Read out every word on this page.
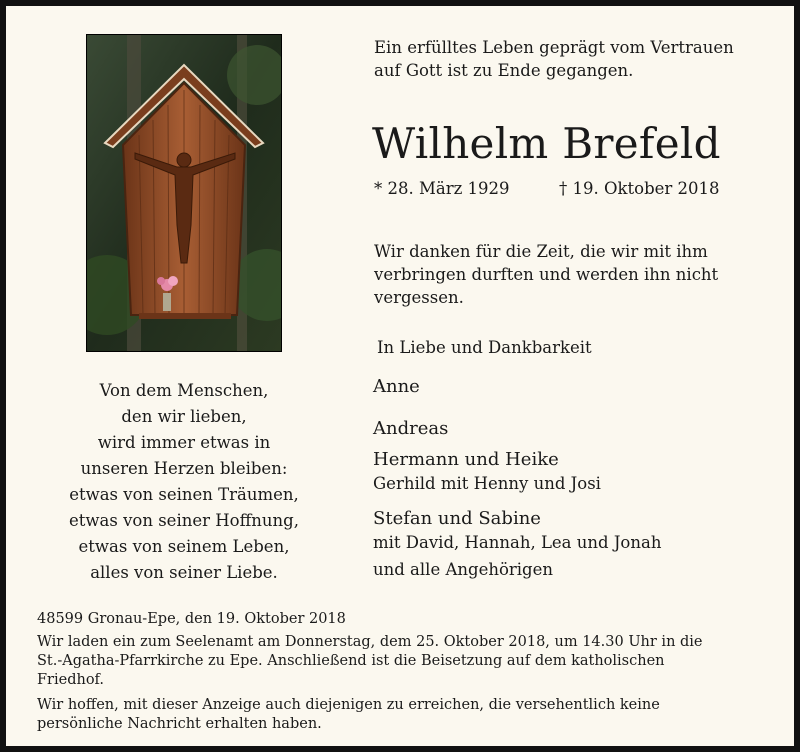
Ein erfülltes Leben geprägt vom Vertrauen
auf Gott ist zu Ende gegangen.
Wilhelm Brefeld
* 28. März 1929	† 19. Oktober 2018
Wir danken für die Zeit, die wir mit ihm
verbringen durften und werden ihn nicht
vergessen.
In Liebe und Dankbarkeit
Von dem Menschen,
den wir lieben,
wird immer etwas in
unseren Herzen bleiben:
etwas von seinen Träumen,
etwas von seiner Hoffnung,
etwas von seinem Leben,
alles von seiner Liebe.
Anne
Andreas
Hermann und Heike
Gerhild mit Henny und Josi
Stefan und Sabine
mit David, Hannah, Lea und Jonah
und alle Angehörigen
48599 Gronau-Epe, den 19. Oktober 2018
Wir laden ein zum Seelenamt am Donnerstag, dem 25. Oktober 2018, um 14.30 Uhr in die
St.-Agatha-Pfarrkirche zu Epe. Anschließend ist die Beisetzung auf dem katholischen
Friedhof.
Wir hoffen, mit dieser Anzeige auch diejenigen zu erreichen, die versehentlich keine
persönliche Nachricht erhalten haben.
